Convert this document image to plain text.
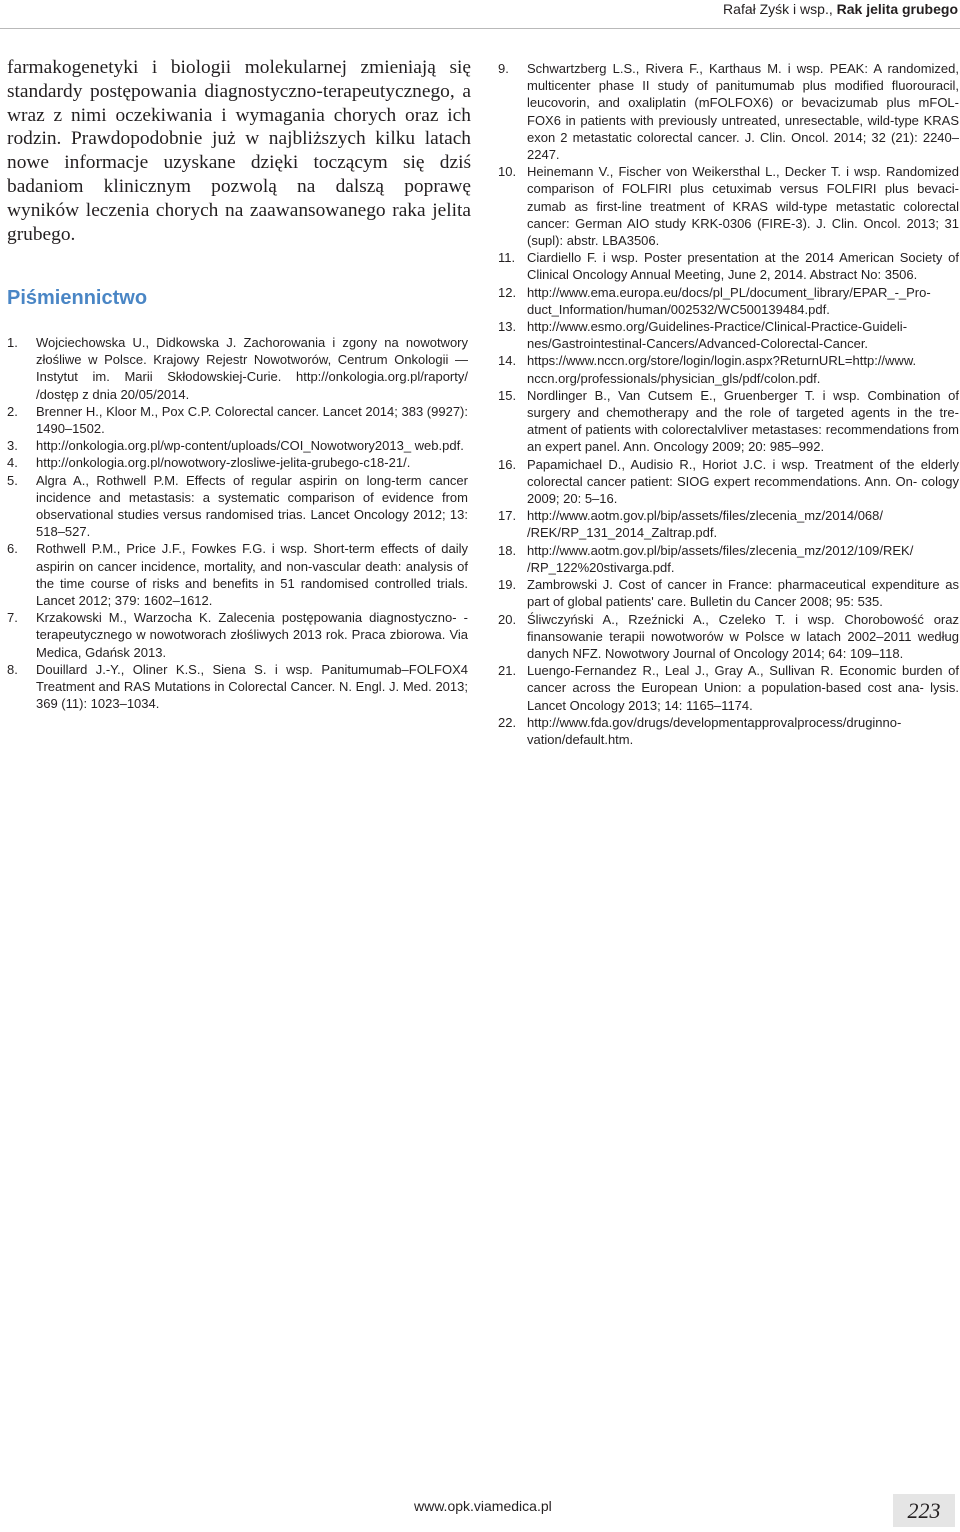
Rafał Zyśk i wsp., Rak jelita grubego

farmakogenetyki i biologii molekularnej zmieniają się standardy postępowania diagnostyczno-terapeutycznego, a wraz z nimi oczekiwania i wymagania chorych oraz ich rodzin. Prawdopodobnie już w najbliższych kilku latach nowe informacje uzyskane dzięki toczącym się dziś badaniom klinicznym pozwolą na dalszą poprawę wyników leczenia chorych na zaawansowanego raka jelita grubego.

Piśmiennictwo
1. Wojciechowska U., Didkowska J. Zachorowania i zgony na nowotwory złośliwe w Polsce. Krajowy Rejestr Nowotworów, Centrum Onkologii — Instytut im. Marii Skłodowskiej-Curie. http://onkologia.org.pl/raporty/ /dostęp z dnia 20/05/2014.
2. Brenner H., Kloor M., Pox C.P. Colorectal cancer. Lancet 2014; 383 (9927): 1490–1502.
3. http://onkologia.org.pl/wp-content/uploads/COI_Nowotwory2013_ web.pdf.
4. http://onkologia.org.pl/nowotwory-zlosliwe-jelita-grubego-c18-21/.
5. Algra A., Rothwell P.M. Effects of regular aspirin on long-term cancer incidence and metastasis: a systematic comparison of evidence from observational studies versus randomised trias. Lancet Oncology 2012; 13: 518–527.
6. Rothwell P.M., Price J.F., Fowkes F.G. i wsp. Short-term effects of daily aspirin on cancer incidence, mortality, and non-vascular death: analysis of the time course of risks and benefits in 51 randomised controlled trials. Lancet 2012; 379: 1602–1612.
7. Krzakowski M., Warzocha K. Zalecenia postępowania diagnostyczno- -terapeutycznego w nowotworach złośliwych 2013 rok. Praca zbiorowa. Via Medica, Gdańsk 2013.
8. Douillard J.-Y., Oliner K.S., Siena S. i wsp. Panitumumab–FOLFOX4 Treatment and RAS Mutations in Colorectal Cancer. N. Engl. J. Med. 2013; 369 (11): 1023–1034.
9. Schwartzberg L.S., Rivera F., Karthaus M. i wsp. PEAK: A randomized, multicenter phase II study of panitumumab plus modified fluorouracil, leucovorin, and oxaliplatin (mFOLFOX6) or bevacizumab plus mFOL- FOX6 in patients with previously untreated, unresectable, wild-type KRAS exon 2 metastatic colorectal cancer. J. Clin. Oncol. 2014; 32 (21): 2240–2247.
10. Heinemann V., Fischer von Weikersthal L., Decker T. i wsp. Randomized comparison of FOLFIRI plus cetuximab versus FOLFIRI plus bevaci- zumab as first-line treatment of KRAS wild-type metastatic colorectal cancer: German AIO study KRK-0306 (FIRE-3). J. Clin. Oncol. 2013; 31 (supl): abstr. LBA3506.
11. Ciardiello F. i wsp. Poster presentation at the 2014 American Society of Clinical Oncology Annual Meeting, June 2, 2014. Abstract No: 3506.
12. http://www.ema.europa.eu/docs/pl_PL/document_library/EPAR_-_Pro- duct_Information/human/002532/WC500139484.pdf.
13. http://www.esmo.org/Guidelines-Practice/Clinical-Practice-Guideli- nes/Gastrointestinal-Cancers/Advanced-Colorectal-Cancer.
14. https://www.nccn.org/store/login/login.aspx?ReturnURL=http://www. nccn.org/professionals/physician_gls/pdf/colon.pdf.
15. Nordlinger B., Van Cutsem E., Gruenberger T. i wsp. Combination of surgery and chemotherapy and the role of targeted agents in the tre- atment of patients with colorectalvliver metastases: recommendations from an expert panel. Ann. Oncology 2009; 20: 985–992.
16. Papamichael D., Audisio R., Horiot J.C. i wsp. Treatment of the elderly colorectal cancer patient: SIOG expert recommendations. Ann. On- cology 2009; 20: 5–16.
17. http://www.aotm.gov.pl/bip/assets/files/zlecenia_mz/2014/068/ /REK/RP_131_2014_Zaltrap.pdf.
18. http://www.aotm.gov.pl/bip/assets/files/zlecenia_mz/2012/109/REK/ /RP_122%20stivarga.pdf.
19. Zambrowski J. Cost of cancer in France: pharmaceutical expenditure as part of global patients' care. Bulletin du Cancer 2008; 95: 535.
20. Śliwczyński A., Rzeźnicki A., Czeleko T. i wsp. Chorobowość oraz finansowanie terapii nowotworów w Polsce w latach 2002–2011 według danych NFZ. Nowotwory Journal of Oncology 2014; 64: 109–118.
21. Luengo-Fernandez R., Leal J., Gray A., Sullivan R. Economic burden of cancer across the European Union: a population-based cost ana- lysis. Lancet Oncology 2013; 14: 1165–1174.
22. http://www.fda.gov/drugs/developmentapprovalprocess/druginno- vation/default.htm.
www.opk.viamedica.pl	223
